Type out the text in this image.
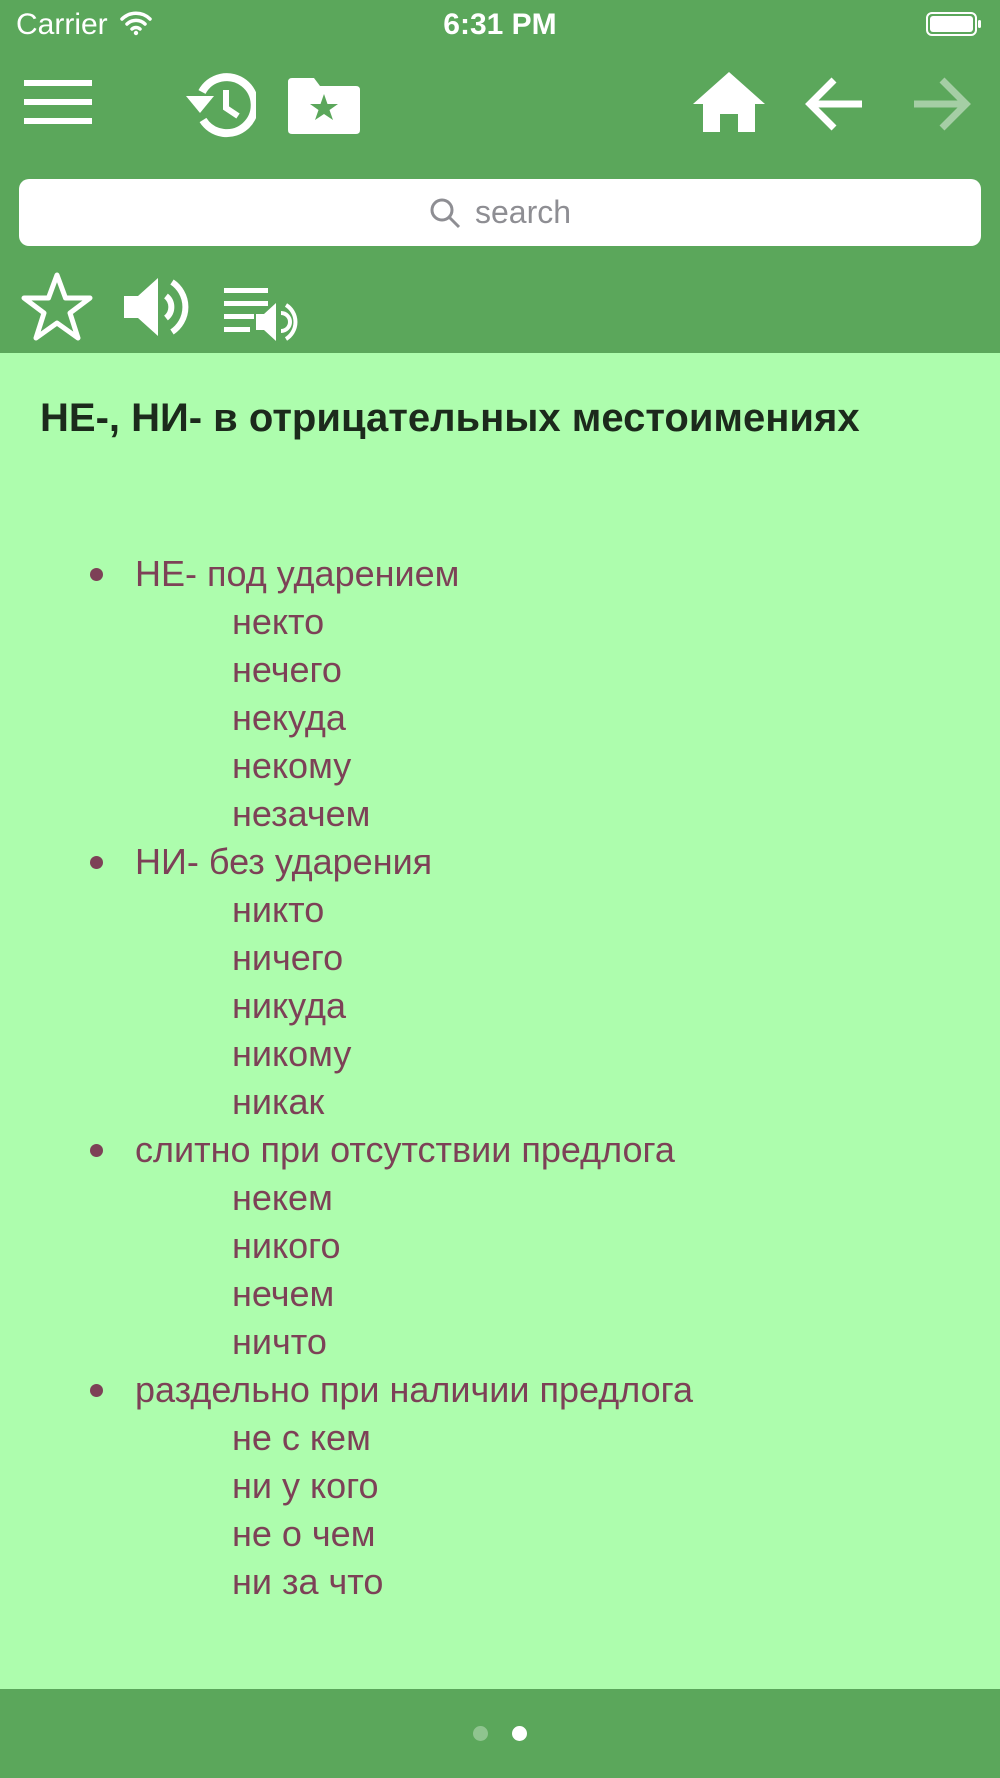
Carrier	6:31 PM
search
НЕ-, НИ- в отрицательных местоимениях
НЕ- под ударением
некто
нечего
некуда
некому
незачем
НИ- без ударения
никто
ничего
никуда
никому
никак
слитно при отсутствии предлога
некем
никого
нечем
ничто
раздельно при наличии предлога
не с кем
ни у кого
не о чем
ни за что
